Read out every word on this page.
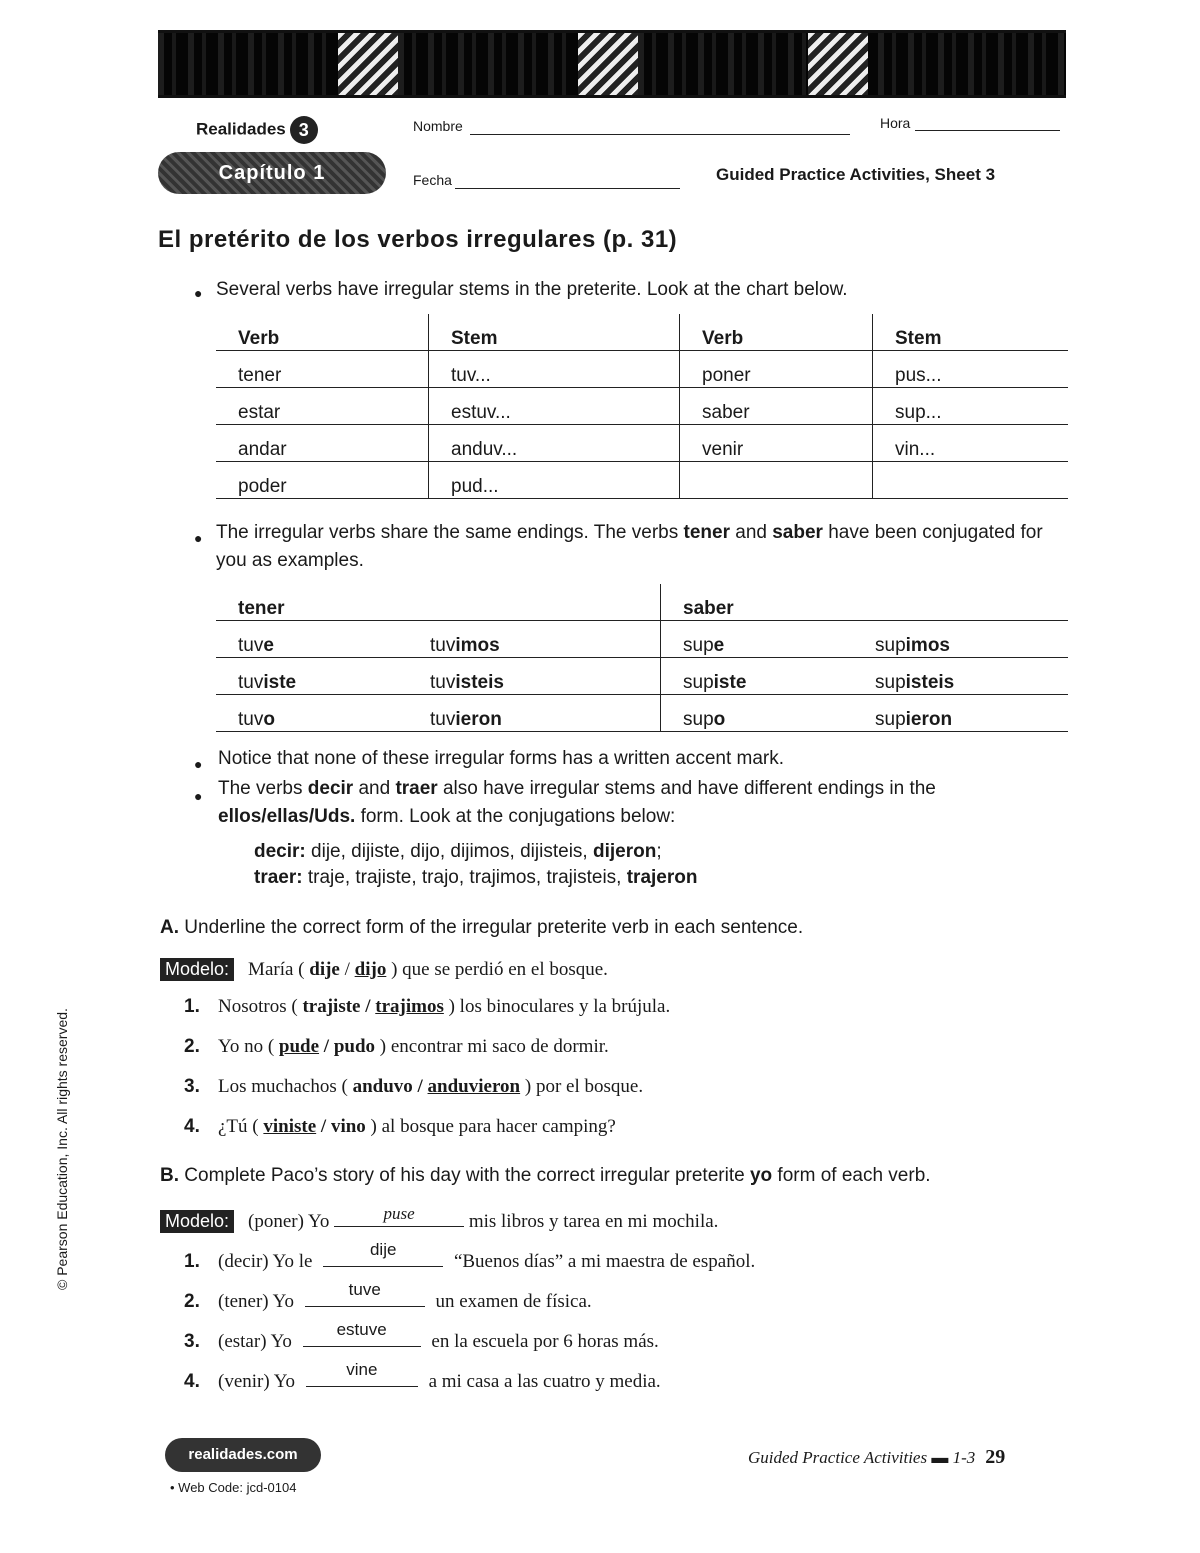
Realidades 3
Capítulo 1
Nombre	Hora
Fecha	Guided Practice Activities, Sheet 3
El pretérito de los verbos irregulares (p. 31)
● Several verbs have irregular stems in the preterite. Look at the chart below.
Verb	Stem	Verb	Stem
tener	tuv...	poner	pus...
estar	estuv...	saber	sup...
andar	anduv...	venir	vin...
poder	pud...		
● The irregular verbs share the same endings. The verbs tener and saber have been conjugated for you as examples.
tener		saber	
tuve	tuvimos	supe	supimos
tuviste	tuvisteis	supiste	supisteis
tuvo	tuvieron	supo	supieron
● Notice that none of these irregular forms has a written accent mark.
● The verbs decir and traer also have irregular stems and have different endings in the ellos/ellas/Uds. form. Look at the conjugations below:
decir: dije, dijiste, dijo, dijimos, dijisteis, dijeron;
traer: traje, trajiste, trajo, trajimos, trajisteis, trajeron
A. Underline the correct form of the irregular preterite verb in each sentence.
Modelo: María ( dije / dijo ) que se perdió en el bosque.
1. Nosotros ( trajiste / trajimos ) los binoculares y la brújula.
2. Yo no ( pude / pudo ) encontrar mi saco de dormir.
3. Los muchachos ( anduvo / anduvieron ) por el bosque.
4. ¿Tú ( viniste / vino ) al bosque para hacer camping?
B. Complete Paco’s story of his day with the correct irregular preterite yo form of each verb.
Modelo: (poner) Yo	puse	mis libros y tarea en mi mochila.
1. (decir) Yo le
dije
“Buenos días” a mi maestra de español.
2. (tener) Yo
tuve
un examen de física.
3. (estar) Yo
estuve
en la escuela por 6 horas más.
4. (venir) Yo
vine
a mi casa a las cuatro y media.
© Pearson Education, Inc. All rights reserved.
realidades.com
• Web Code: jcd-0104
Guided Practice Activities ▬ 1-3 29
